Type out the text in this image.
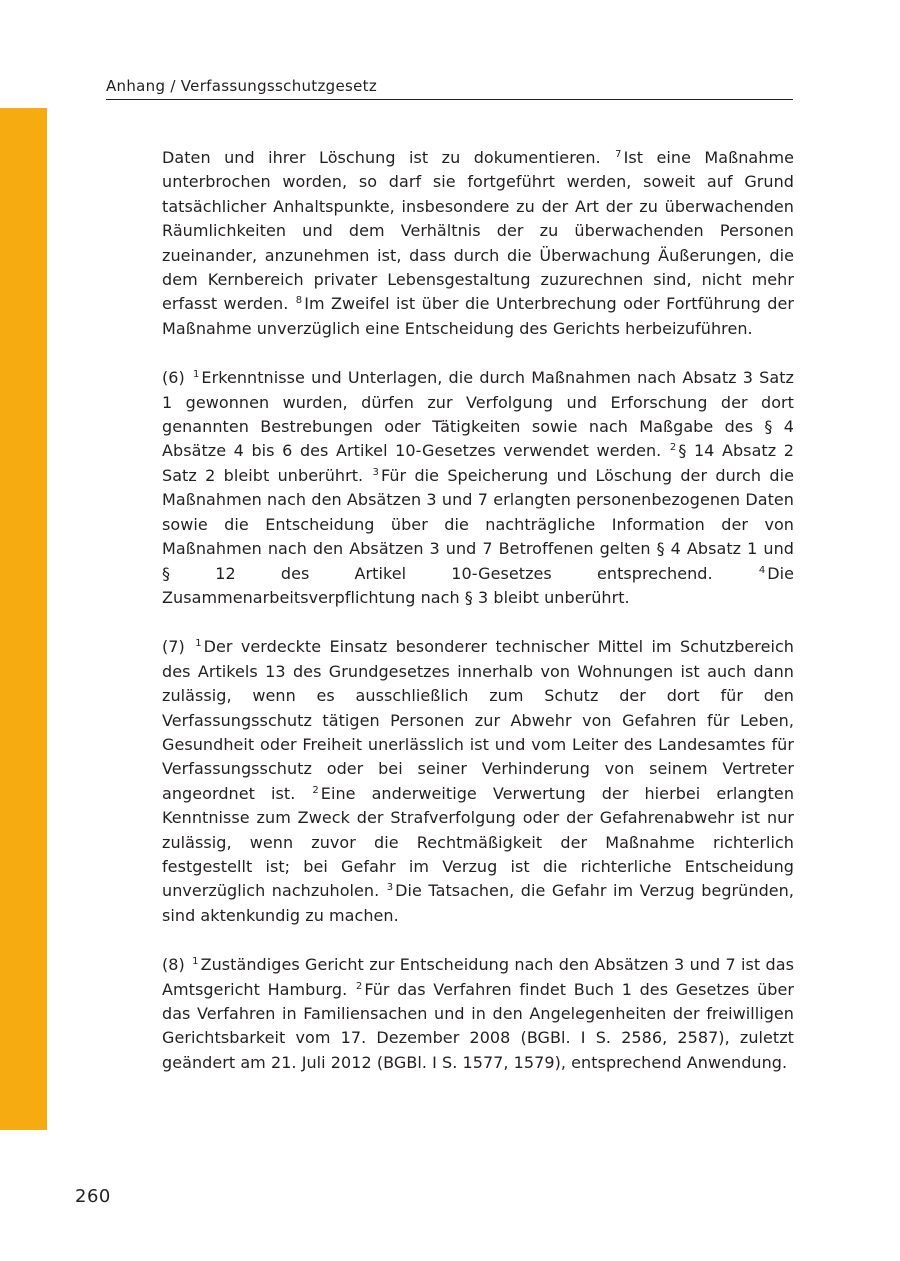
Anhang / Verfassungsschutzgesetz

Daten und ihrer Löschung ist zu dokumentieren. $^7$ Ist eine Maßnahme unterbrochen worden, so darf sie fortgeführt werden, soweit auf Grund tatsächlicher Anhaltspunkte, insbesondere zu der Art der zu überwachenden Räumlichkeiten und dem Verhältnis der zu überwachenden Personen zueinander, anzunehmen ist, dass durch die Überwachung Äußerungen, die dem Kernbereich privater Lebensgestaltung zuzurechnen sind, nicht mehr erfasst werden. $^8$ Im Zweifel ist über die Unterbrechung oder Fortführung der Maßnahme unverzüglich eine Entscheidung des Gerichts herbeizuführen.

(6) $^1$ Erkenntnisse und Unterlagen, die durch Maßnahmen nach Absatz 3 Satz 1 gewonnen wurden, dürfen zur Verfolgung und Erforschung der dort genannten Bestrebungen oder Tätigkeiten sowie nach Maßgabe des § 4 Absätze 4 bis 6 des Artikel 10-Gesetzes verwendet werden. $^2$ § 14 Absatz 2 Satz 2 bleibt unberührt. $^3$ Für die Speicherung und Löschung der durch die Maßnahmen nach den Absätzen 3 und 7 erlangten personenbezogenen Daten sowie die Entscheidung über die nachträgliche Information der von Maßnahmen nach den Absätzen 3 und 7 Betroffenen gelten § 4 Absatz 1 und § 12 des Artikel 10-Gesetzes entsprechend.	$^4$ Die Zusammenarbeitsverpflichtung nach § 3 bleibt unberührt.

(7) $^1$ Der verdeckte Einsatz besonderer technischer Mittel im Schutzbereich des Artikels 13 des Grundgesetzes innerhalb von Wohnungen ist auch dann zulässig, wenn es ausschließlich zum Schutz der dort für den Verfassungsschutz tätigen Personen zur Abwehr von Gefahren für Leben, Gesundheit oder Freiheit unerlässlich ist und vom Leiter des Landesamtes für Verfassungsschutz oder bei seiner Verhinderung von seinem Vertreter angeordnet ist. $^2$ Eine anderweitige Verwertung der hierbei erlangten Kenntnisse zum Zweck der Strafverfolgung oder der Gefahrenabwehr ist nur zulässig, wenn zuvor die Rechtmäßigkeit der Maßnahme richterlich festgestellt ist; bei Gefahr im Verzug ist die richterliche Entscheidung unverzüglich nachzuholen. $^3$ Die Tatsachen, die Gefahr im Verzug begründen, sind aktenkundig zu machen.

(8) $^1$ Zuständiges Gericht zur Entscheidung nach den Absätzen 3 und 7 ist das Amtsgericht Hamburg. $^2$ Für das Verfahren findet Buch 1 des Gesetzes über das Verfahren in Familiensachen und in den Angelegenheiten der freiwilligen Gerichtsbarkeit vom 17. Dezember 2008 (BGBl. I S. 2586, 2587), zuletzt geändert am 21. Juli 2012 (BGBl. I S. 1577, 1579), entsprechend Anwendung.

260
